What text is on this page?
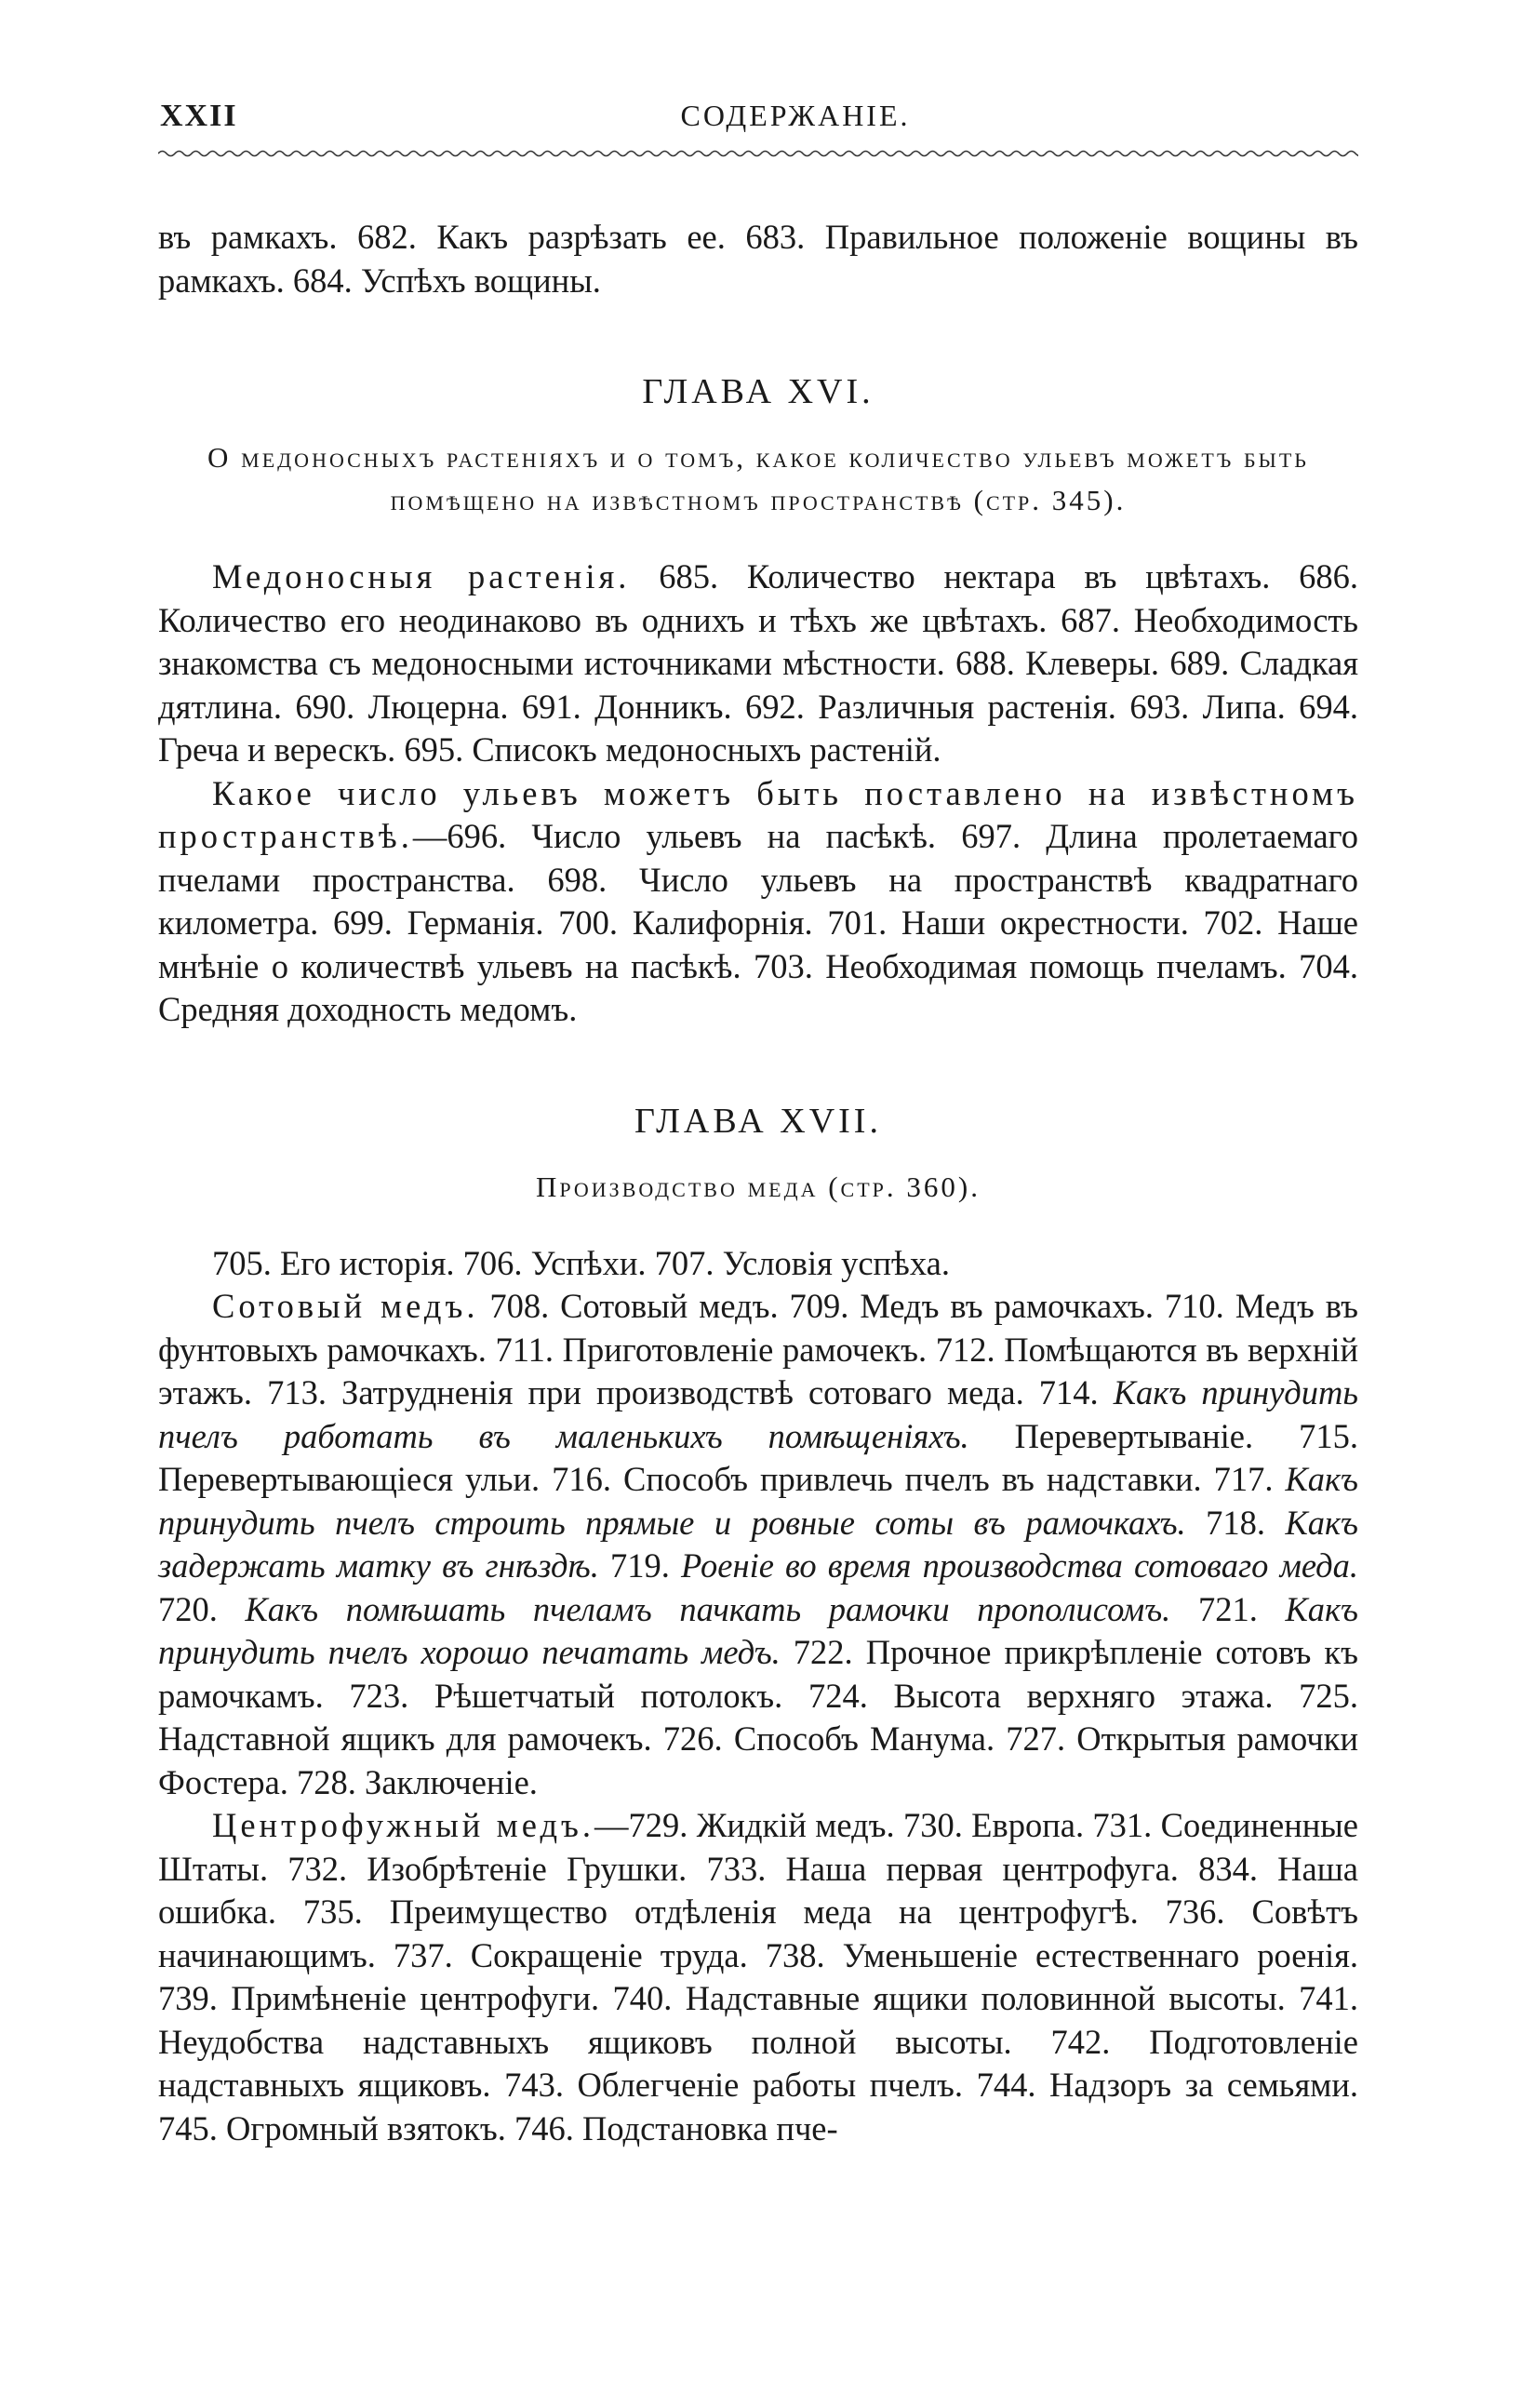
XXII	СОДЕРЖАНІЕ.

въ рамкахъ. 682. Какъ разрѣзать ее. 683. Правильное положеніе вощины въ рамкахъ. 684. Успѣхъ вощины.

ГЛАВА XVI.

О медоносныхъ растеніяхъ и о томъ, какое количество ульевъ можетъ быть помѣщено на извѣстномъ пространствѣ (стр. 345).

Медоносныя растенія. 685. Количество нектара въ цвѣтахъ. 686. Количество его неодинаково въ однихъ и тѣхъ же цвѣтахъ. 687. Необходимость знакомства съ медоносными источниками мѣстности. 688. Клеверы. 689. Сладкая дятлина. 690. Люцерна. 691. Донникъ. 692. Различныя растенія. 693. Липа. 694. Греча и верескъ. 695. Списокъ медоносныхъ растеній.

Какое число ульевъ можетъ быть поставлено на извѣстномъ пространствѣ.—696. Число ульевъ на пасѣкѣ. 697. Длина пролетаемаго пчелами пространства. 698. Число ульевъ на пространствѣ квадратнаго километра. 699. Германія. 700. Калифорнія. 701. Наши окрестности. 702. Наше мнѣніе о количествѣ ульевъ на пасѣкѣ. 703. Необходимая помощь пчеламъ. 704. Средняя доходность медомъ.

ГЛАВА XVII.

Производство меда (стр. 360).

705. Его исторія. 706. Успѣхи. 707. Условія успѣха.

Сотовый медъ. 708. Сотовый медъ. 709. Медъ въ рамочкахъ. 710. Медъ въ фунтовыхъ рамочкахъ. 711. Приготовленіе рамочекъ. 712. Помѣщаются въ верхній этажъ. 713. Затрудненія при производствѣ сотоваго меда. 714. Какъ принудить пчелъ работать въ маленькихъ помѣщеніяхъ. Перевертываніе. 715. Перевертывающіеся ульи. 716. Способъ привлечь пчелъ въ надставки. 717. Какъ принудить пчелъ строить прямые и ровные соты въ рамочкахъ. 718. Какъ задержать матку въ гнѣздѣ. 719. Роеніе во время производства сотоваго меда. 720. Какъ помѣшать пчеламъ пачкать рамочки прополисомъ. 721. Какъ принудить пчелъ хорошо печатать медъ. 722. Прочное прикрѣпленіе сотовъ къ рамочкамъ. 723. Рѣшетчатый потолокъ. 724. Высота верхняго этажа. 725. Надставной ящикъ для рамочекъ. 726. Способъ Манума. 727. Открытыя рамочки Фостера. 728. Заключеніе.

Центрофужный медъ.—729. Жидкій медъ. 730. Европа. 731. Соединенные Штаты. 732. Изобрѣтеніе Грушки. 733. Наша первая центрофуга. 834. Наша ошибка. 735. Преимущество отдѣленія меда на центрофугѣ. 736. Совѣтъ начинающимъ. 737. Сокращеніе труда. 738. Уменьшеніе естественнаго роенія. 739. Примѣненіе центрофуги. 740. Надставные ящики половинной высоты. 741. Неудобства надставныхъ ящиковъ полной высоты. 742. Подготовленіе надставныхъ ящиковъ. 743. Облегченіе работы пчелъ. 744. Надзоръ за семьями. 745. Огромный взятокъ. 746. Подстановка пче-
